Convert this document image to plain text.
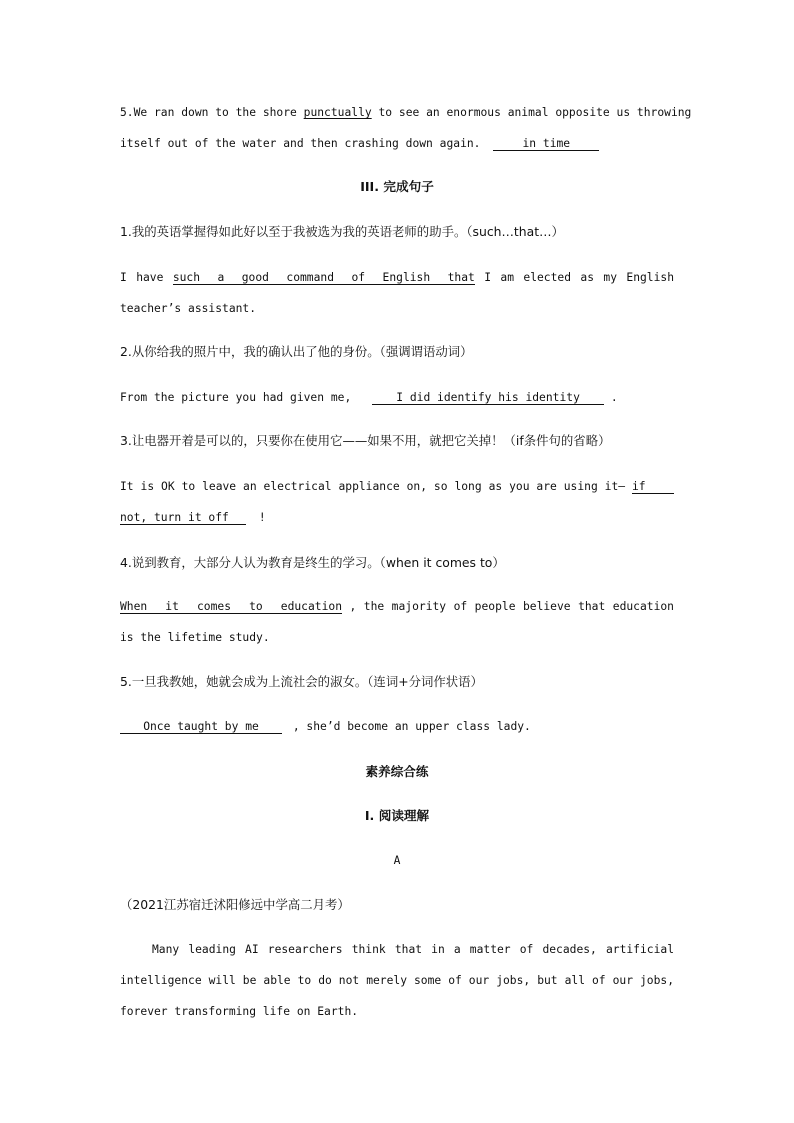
5.We ran down to the shore punctually to see an enormous animal opposite us throwing
itself out of the water and then crashing down again.	in time
III. 完成句子
1.我的英语掌握得如此好以至于我被选为我的英语老师的助手。（such…that…）
I have such a good command of English that I am elected as my English
teacher’s assistant.
2.从你给我的照片中，我的确认出了他的身份。（强调谓语动词）
From the picture you had given me,	I did identify his identity	.
3.让电器开着是可以的，只要你在使用它——如果不用，就把它关掉！（if条件句的省略）
It is OK to leave an electrical appliance on, so long as you are using it— if
not, turn it off	!
4.说到教育，大部分人认为教育是终生的学习。（when it comes to）
When it comes to education , the majority of people believe that education
is the lifetime study.
5.一旦我教她，她就会成为上流社会的淑女。（连词+分词作状语）
Once taught by me	, she’d become an upper class lady.
素养综合练
I. 阅读理解
A
（2021江苏宿迁沭阳修远中学高二月考）
Many leading AI researchers think that in a matter of decades, artificial
intelligence will be able to do not merely some of our jobs, but all of our jobs,
forever transforming life on Earth.
